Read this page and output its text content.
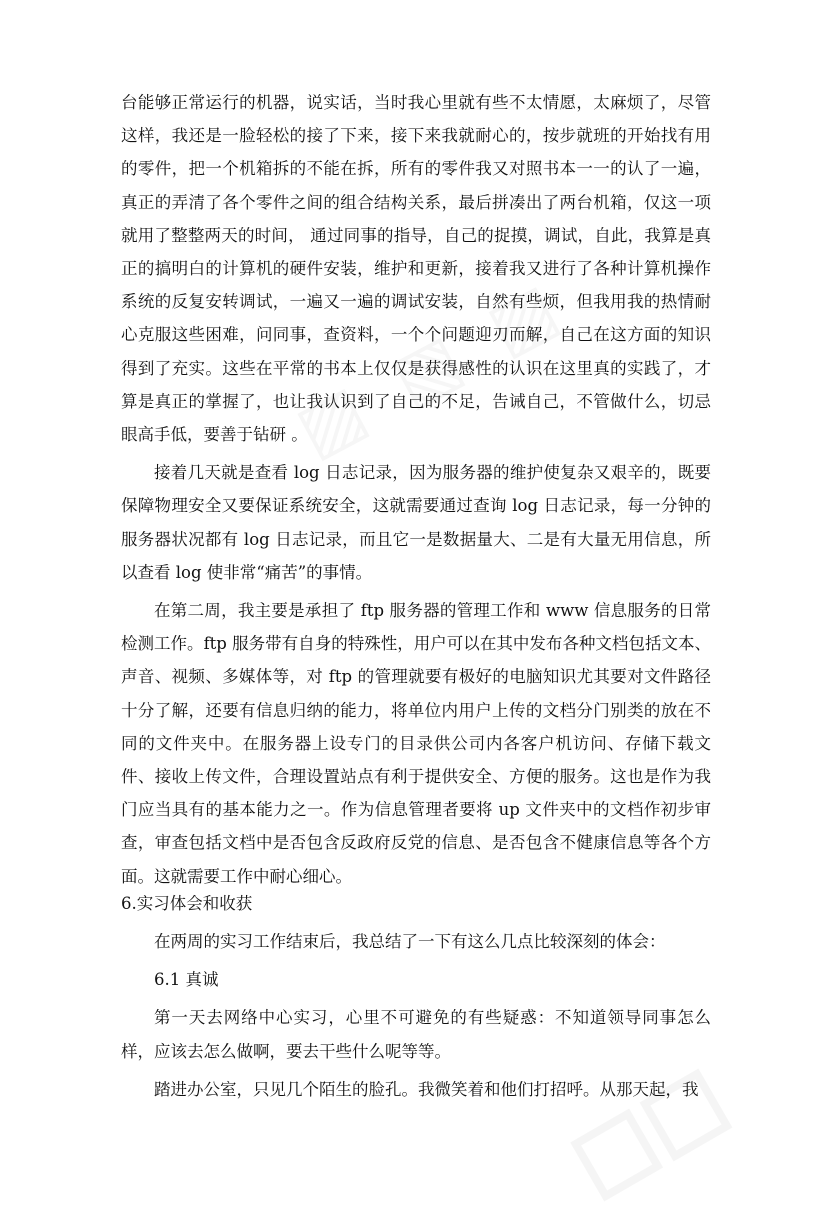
台能够正常运行的机器，说实话，当时我心里就有些不太情愿，太麻烦了，尽管这样，我还是一脸轻松的接了下来，接下来我就耐心的，按步就班的开始找有用的零件，把一个机箱拆的不能在拆，所有的零件我又对照书本一一的认了一遍，真正的弄清了各个零件之间的组合结构关系，最后拼凑出了两台机箱，仅这一项就用了整整两天的时间， 通过同事的指导，自己的捉摸，调试，自此，我算是真正的搞明白的计算机的硬件安装，维护和更新，接着我又进行了各种计算机操作系统的反复安转调试，一遍又一遍的调试安装，自然有些烦，但我用我的热情耐心克服这些困难，问同事，查资料，一个个问题迎刃而解，自己在这方面的知识得到了充实。这些在平常的书本上仅仅是获得感性的认识在这里真的实践了，才算是真正的掌握了，也让我认识到了自己的不足，告诫自己，不管做什么，切忌眼高手低，要善于钻研 。

接着几天就是查看 log 日志记录，因为服务器的维护使复杂又艰辛的，既要保障物理安全又要保证系统安全，这就需要通过查询 log 日志记录，每一分钟的服务器状况都有 log 日志记录，而且它一是数据量大、二是有大量无用信息，所以查看 log 使非常“痛苦”的事情。

在第二周，我主要是承担了 ftp 服务器的管理工作和 www 信息服务的日常检测工作。ftp 服务带有自身的特殊性，用户可以在其中发布各种文档包括文本、声音、视频、多媒体等，对 ftp 的管理就要有极好的电脑知识尤其要对文件路径十分了解，还要有信息归纳的能力，将单位内用户上传的文档分门别类的放在不同的文件夹中。在服务器上设专门的目录供公司内各客户机访问、存储下载文件、接收上传文件，合理设置站点有利于提供安全、方便的服务。这也是作为我门应当具有的基本能力之一。作为信息管理者要将 up 文件夹中的文档作初步审查，审查包括文档中是否包含反政府反党的信息、是否包含不健康信息等各个方面。这就需要工作中耐心细心。

6.实习体会和收获

在两周的实习工作结束后，我总结了一下有这么几点比较深刻的体会：

6.1 真诚

第一天去网络中心实习，心里不可避免的有些疑惑：不知道领导同事怎么样，应该去怎么做啊，要去干些什么呢等等。

踏进办公室，只见几个陌生的脸孔。我微笑着和他们打招呼。从那天起，我
